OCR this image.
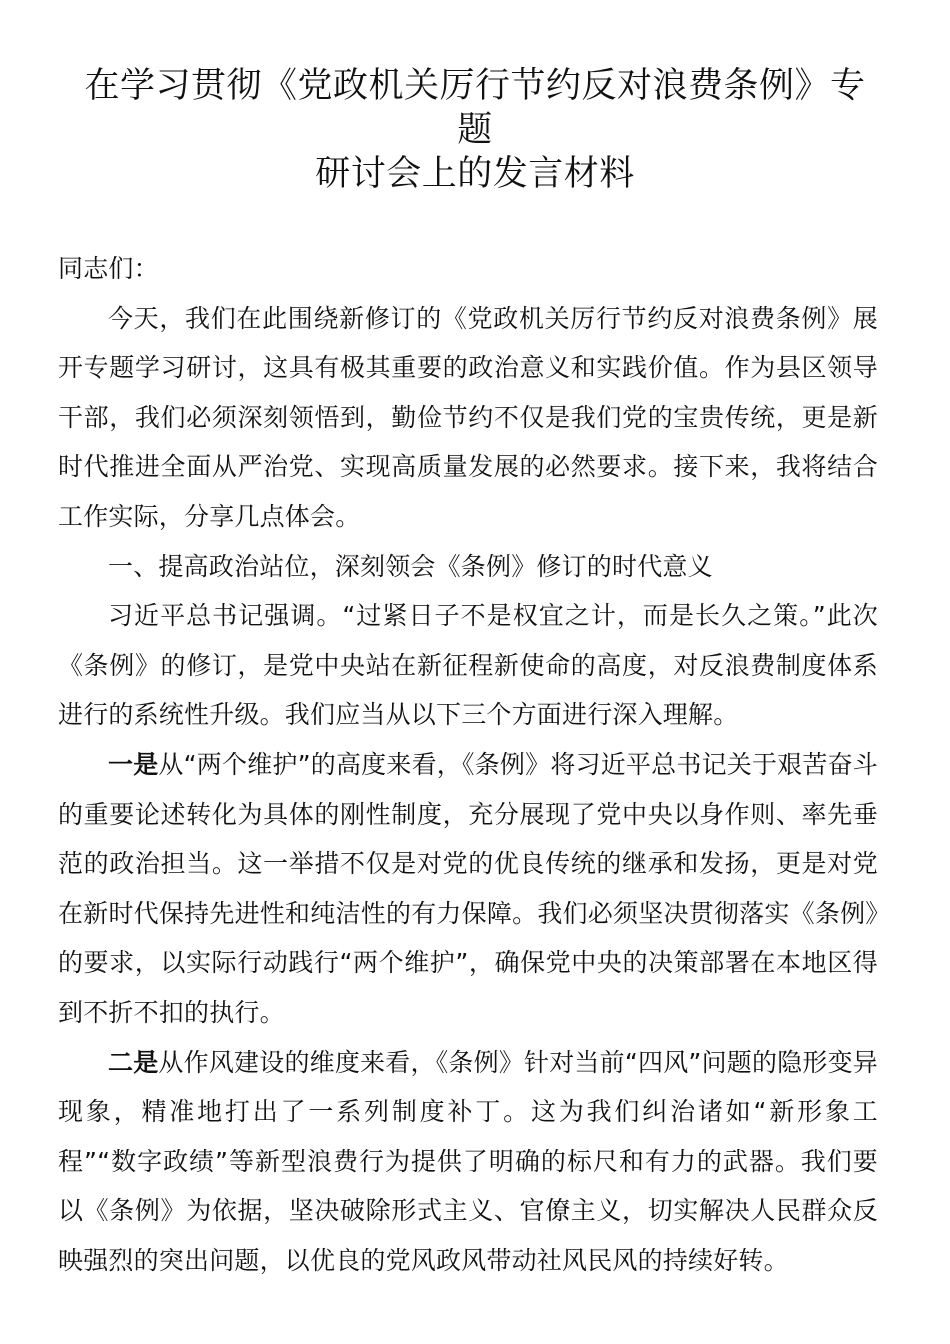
在学习贯彻《党政机关厉行节约反对浪费条例》专题
研讨会上的发言材料

同志们：

今天，我们在此围绕新修订的《党政机关厉行节约反对浪费条例》展开专题学习研讨，这具有极其重要的政治意义和实践价值。作为县区领导干部，我们必须深刻领悟到，勤俭节约不仅是我们党的宝贵传统，更是新时代推进全面从严治党、实现高质量发展的必然要求。接下来，我将结合工作实际，分享几点体会。

一、提高政治站位，深刻领会《条例》修订的时代意义

习近平总书记强调。“过紧日子不是权宜之计，而是长久之策。”此次《条例》的修订，是党中央站在新征程新使命的高度，对反浪费制度体系进行的系统性升级。我们应当从以下三个方面进行深入理解。

一是从“两个维护”的高度来看，《条例》将习近平总书记关于艰苦奋斗的重要论述转化为具体的刚性制度，充分展现了党中央以身作则、率先垂范的政治担当。这一举措不仅是对党的优良传统的继承和发扬，更是对党在新时代保持先进性和纯洁性的有力保障。我们必须坚决贯彻落实《条例》的要求，以实际行动践行“两个维护”，确保党中央的决策部署在本地区得到不折不扣的执行。

二是从作风建设的维度来看，《条例》针对当前“四风”问题的隐形变异现象，精准地打出了一系列制度补丁。这为我们纠治诸如“新形象工程”“数字政绩”等新型浪费行为提供了明确的标尺和有力的武器。我们要以《条例》为依据，坚决破除形式主义、官僚主义，切实解决人民群众反映强烈的突出问题，以优良的党风政风带动社风民风的持续好转。
